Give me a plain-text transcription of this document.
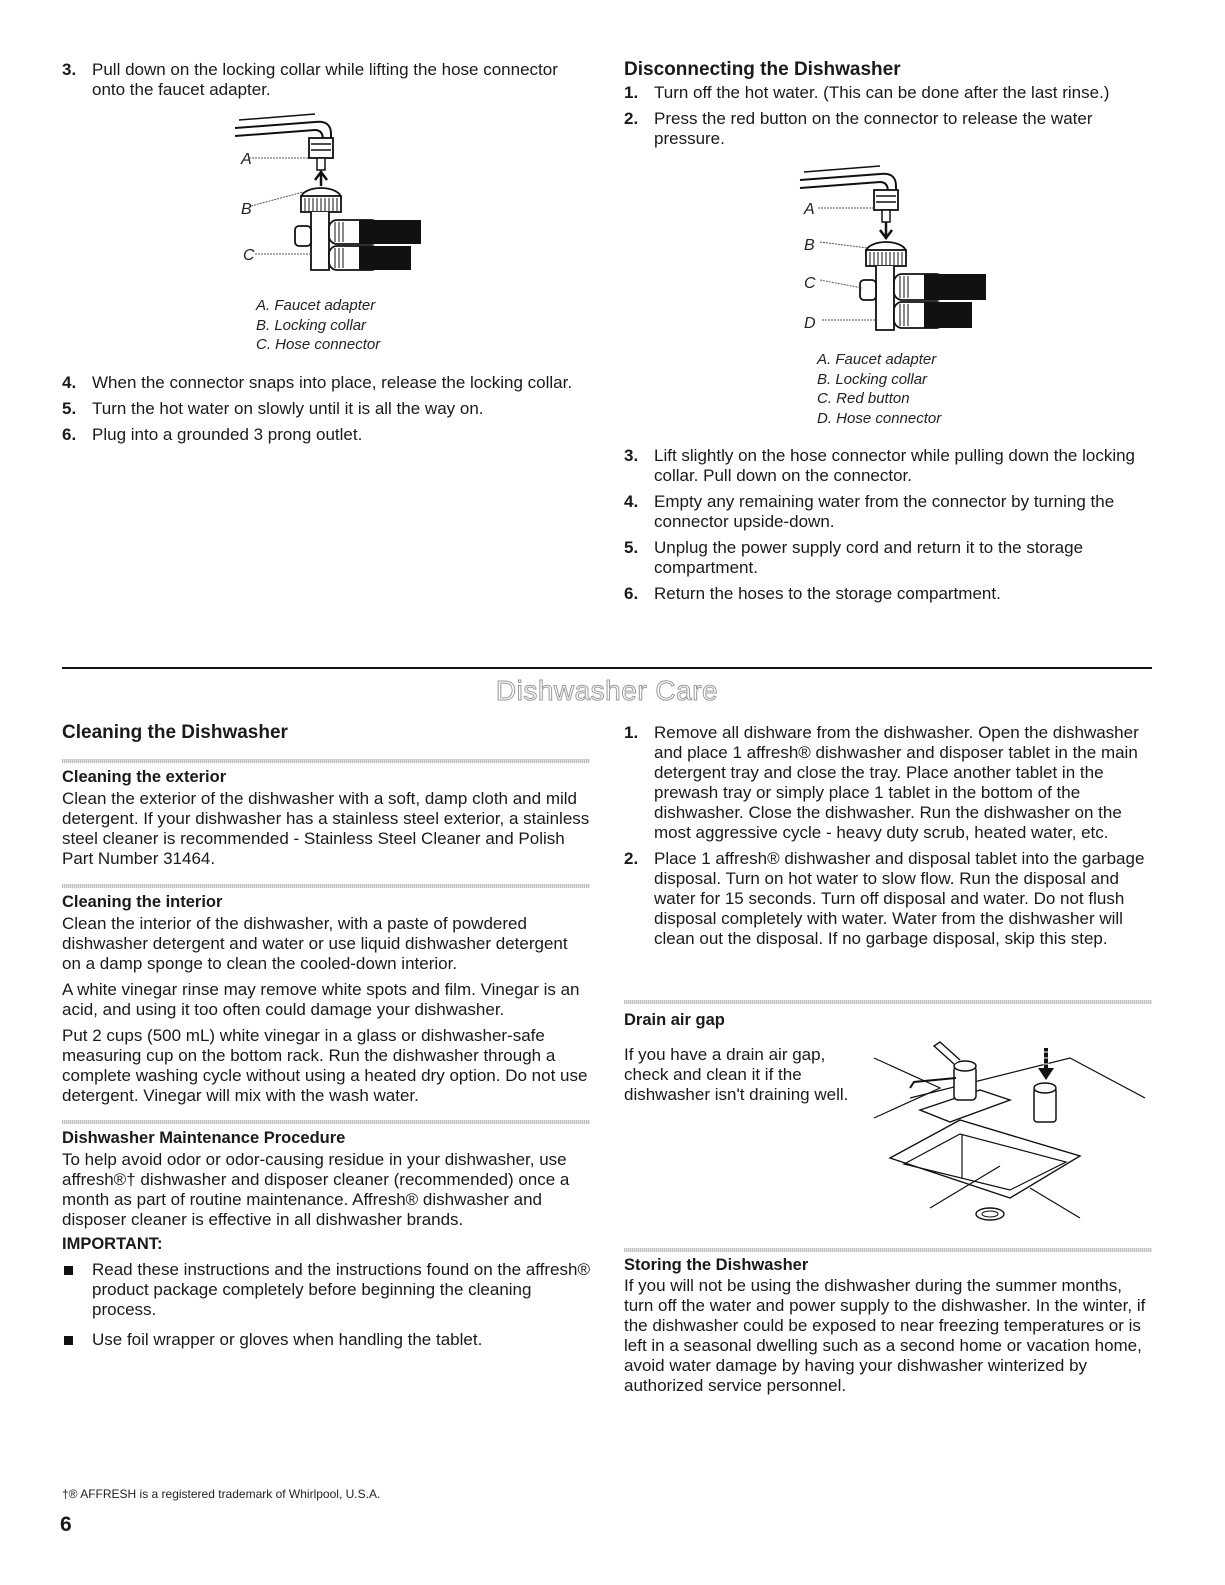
3. Pull down on the locking collar while lifting the hose connector onto the faucet adapter.
A
B
C
A. Faucet adapter
B. Locking collar
C. Hose connector
4. When the connector snaps into place, release the locking collar.
5. Turn the hot water on slowly until it is all the way on.
6. Plug into a grounded 3 prong outlet.
Disconnecting the Dishwasher
1. Turn off the hot water. (This can be done after the last rinse.)
2. Press the red button on the connector to release the water pressure.
A
B
C
D
A. Faucet adapter
B. Locking collar
C. Red button
D. Hose connector
3. Lift slightly on the hose connector while pulling down the locking collar. Pull down on the connector.
4. Empty any remaining water from the connector by turning the connector upside-down.
5. Unplug the power supply cord and return it to the storage compartment.
6. Return the hoses to the storage compartment.
Dishwasher Care
Cleaning the Dishwasher
Cleaning the exterior

Clean the exterior of the dishwasher with a soft, damp cloth and mild detergent. If your dishwasher has a stainless steel exterior, a stainless steel cleaner is recommended - Stainless Steel Cleaner and Polish Part Number 31464.

Cleaning the interior

Clean the interior of the dishwasher, with a paste of powdered dishwasher detergent and water or use liquid dishwasher detergent on a damp sponge to clean the cooled-down interior.

A white vinegar rinse may remove white spots and film. Vinegar is an acid, and using it too often could damage your dishwasher.

Put 2 cups (500 mL) white vinegar in a glass or dishwasher-safe measuring cup on the bottom rack. Run the dishwasher through a complete washing cycle without using a heated dry option. Do not use detergent. Vinegar will mix with the wash water.

Dishwasher Maintenance Procedure

To help avoid odor or odor-causing residue in your dishwasher, use affresh®† dishwasher and disposer cleaner (recommended) once a month as part of routine maintenance. Affresh® dishwasher and disposer cleaner is effective in all dishwasher brands.

IMPORTANT:
Read these instructions and the instructions found on the affresh® product package completely before beginning the cleaning process.
Use foil wrapper or gloves when handling the tablet.
1. Remove all dishware from the dishwasher. Open the dishwasher and place 1 affresh® dishwasher and disposer tablet in the main detergent tray and close the tray. Place another tablet in the prewash tray or simply place 1 tablet in the bottom of the dishwasher. Close the dishwasher. Run the dishwasher on the most aggressive cycle - heavy duty scrub, heated water, etc.
2. Place 1 affresh® dishwasher and disposal tablet into the garbage disposal. Turn on hot water to slow flow. Run the disposal and water for 15 seconds. Turn off disposal and water. Do not flush disposal completely with water. Water from the dishwasher will clean out the disposal. If no garbage disposal, skip this step.
Drain air gap
If you have a drain air gap, check and clean it if the dishwasher isn't draining well.
Storing the Dishwasher
If you will not be using the dishwasher during the summer months, turn off the water and power supply to the dishwasher. In the winter, if the dishwasher could be exposed to near freezing temperatures or is left in a seasonal dwelling such as a second home or vacation home, avoid water damage by having your dishwasher winterized by authorized service personnel.
†® AFFRESH is a registered trademark of Whirlpool, U.S.A.
6
